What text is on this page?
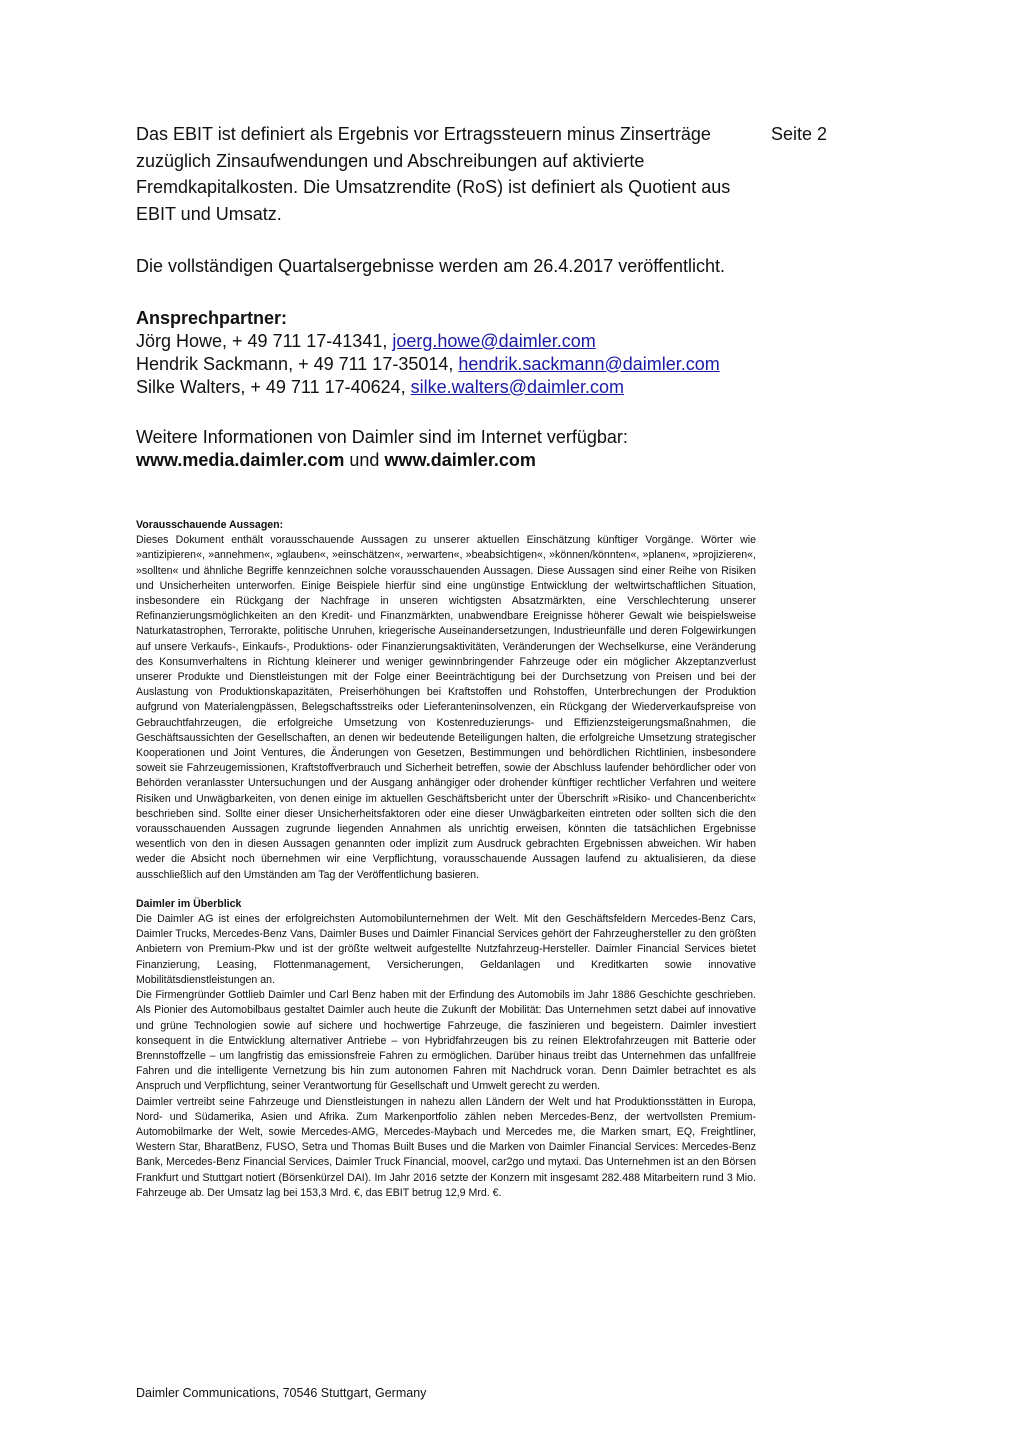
Seite 2

Das EBIT ist definiert als Ergebnis vor Ertragssteuern minus Zinserträge zuzüglich Zinsaufwendungen und Abschreibungen auf aktivierte Fremdkapitalkosten. Die Umsatzrendite (RoS) ist definiert als Quotient aus EBIT und Umsatz.

Die vollständigen Quartalsergebnisse werden am 26.4.2017 veröffentlicht.

Ansprechpartner:
Jörg Howe, + 49 711 17-41341, joerg.howe@daimler.com
Hendrik Sackmann, + 49 711 17-35014, hendrik.sackmann@daimler.com
Silke Walters, + 49 711 17-40624, silke.walters@daimler.com
Weitere Informationen von Daimler sind im Internet verfügbar:
www.media.daimler.com und www.daimler.com
Vorausschauende Aussagen:

Dieses Dokument enthält vorausschauende Aussagen zu unserer aktuellen Einschätzung künftiger Vorgänge. Wörter wie »antizipieren«, »annehmen«, »glauben«, »einschätzen«, »erwarten«, »beabsichtigen«, »können/könnten«, »planen«, »projizieren«, »sollten« und ähnliche Begriffe kennzeichnen solche vorausschauenden Aussagen. Diese Aussagen sind einer Reihe von Risiken und Unsicherheiten unterworfen. Einige Beispiele hierfür sind eine ungünstige Entwicklung der weltwirtschaftlichen Situation, insbesondere ein Rückgang der Nachfrage in unseren wichtigsten Absatzmärkten, eine Verschlechterung unserer Refinanzierungsmöglichkeiten an den Kredit- und Finanzmärkten, unabwendbare Ereignisse höherer Gewalt wie beispielsweise Naturkatastrophen, Terrorakte, politische Unruhen, kriegerische Auseinandersetzungen, Industrieunfälle und deren Folgewirkungen auf unsere Verkaufs-, Einkaufs-, Produktions- oder Finanzierungsaktivitäten, Veränderungen der Wechselkurse, eine Veränderung des Konsumverhaltens in Richtung kleinerer und weniger gewinnbringender Fahrzeuge oder ein möglicher Akzeptanzverlust unserer Produkte und Dienstleistungen mit der Folge einer Beeinträchtigung bei der Durchsetzung von Preisen und bei der Auslastung von Produktionskapazitäten, Preiserhöhungen bei Kraftstoffen und Rohstoffen, Unterbrechungen der Produktion aufgrund von Materialengpässen, Belegschaftsstreiks oder Lieferanteninsolvenzen, ein Rückgang der Wiederverkaufspreise von Gebrauchtfahrzeugen, die erfolgreiche Umsetzung von Kostenreduzierungs- und Effizienzsteigerungsmaßnahmen, die Geschäftsaussichten der Gesellschaften, an denen wir bedeutende Beteiligungen halten, die erfolgreiche Umsetzung strategischer Kooperationen und Joint Ventures, die Änderungen von Gesetzen, Bestimmungen und behördlichen Richtlinien, insbesondere soweit sie Fahrzeugemissionen, Kraftstoffverbrauch und Sicherheit betreffen, sowie der Abschluss laufender behördlicher oder von Behörden veranlasster Untersuchungen und der Ausgang anhängiger oder drohender künftiger rechtlicher Verfahren und weitere Risiken und Unwägbarkeiten, von denen einige im aktuellen Geschäftsbericht unter der Überschrift »Risiko- und Chancenbericht« beschrieben sind. Sollte einer dieser Unsicherheitsfaktoren oder eine dieser Unwägbarkeiten eintreten oder sollten sich die den vorausschauenden Aussagen zugrunde liegenden Annahmen als unrichtig erweisen, könnten die tatsächlichen Ergebnisse wesentlich von den in diesen Aussagen genannten oder implizit zum Ausdruck gebrachten Ergebnissen abweichen. Wir haben weder die Absicht noch übernehmen wir eine Verpflichtung, vorausschauende Aussagen laufend zu aktualisieren, da diese ausschließlich auf den Umständen am Tag der Veröffentlichung basieren.

Daimler im Überblick

Die Daimler AG ist eines der erfolgreichsten Automobilunternehmen der Welt. Mit den Geschäftsfeldern Mercedes-Benz Cars, Daimler Trucks, Mercedes-Benz Vans, Daimler Buses und Daimler Financial Services gehört der Fahrzeughersteller zu den größten Anbietern von Premium-Pkw und ist der größte weltweit aufgestellte Nutzfahrzeug-Hersteller. Daimler Financial Services bietet Finanzierung, Leasing, Flottenmanagement, Versicherungen, Geldanlagen und Kreditkarten sowie innovative Mobilitätsdienstleistungen an.

Die Firmengründer Gottlieb Daimler und Carl Benz haben mit der Erfindung des Automobils im Jahr 1886 Geschichte geschrieben. Als Pionier des Automobilbaus gestaltet Daimler auch heute die Zukunft der Mobilität: Das Unternehmen setzt dabei auf innovative und grüne Technologien sowie auf sichere und hochwertige Fahrzeuge, die faszinieren und begeistern. Daimler investiert konsequent in die Entwicklung alternativer Antriebe – von Hybridfahrzeugen bis zu reinen Elektrofahrzeugen mit Batterie oder Brennstoffzelle – um langfristig das emissionsfreie Fahren zu ermöglichen. Darüber hinaus treibt das Unternehmen das unfallfreie Fahren und die intelligente Vernetzung bis hin zum autonomen Fahren mit Nachdruck voran. Denn Daimler betrachtet es als Anspruch und Verpflichtung, seiner Verantwortung für Gesellschaft und Umwelt gerecht zu werden.

Daimler vertreibt seine Fahrzeuge und Dienstleistungen in nahezu allen Ländern der Welt und hat Produktionsstätten in Europa, Nord- und Südamerika, Asien und Afrika. Zum Markenportfolio zählen neben Mercedes-Benz, der wertvollsten Premium-Automobilmarke der Welt, sowie Mercedes-AMG, Mercedes-Maybach und Mercedes me, die Marken smart, EQ, Freightliner, Western Star, BharatBenz, FUSO, Setra und Thomas Built Buses und die Marken von Daimler Financial Services: Mercedes-Benz Bank, Mercedes-Benz Financial Services, Daimler Truck Financial, moovel, car2go und mytaxi. Das Unternehmen ist an den Börsen Frankfurt und Stuttgart notiert (Börsenkürzel DAI). Im Jahr 2016 setzte der Konzern mit insgesamt 282.488 Mitarbeitern rund 3 Mio. Fahrzeuge ab. Der Umsatz lag bei 153,3 Mrd. €, das EBIT betrug 12,9 Mrd. €.

Daimler Communications, 70546 Stuttgart, Germany
